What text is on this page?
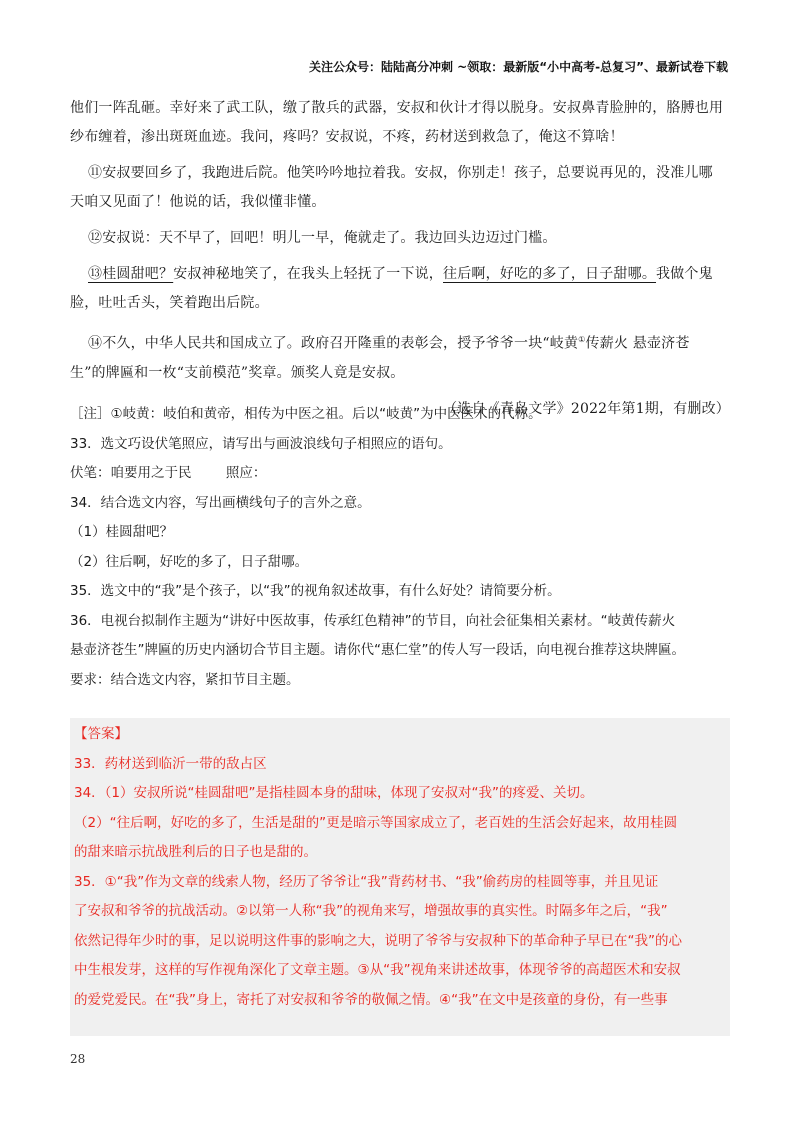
关注公众号：陆陆高分冲刺 ~领取：最新版“小中高考-总复习”、最新试卷下载

他们一阵乱砸。幸好来了武工队，缴了散兵的武器，安叔和伙计才得以脱身。安叔鼻青脸肿的，胳膊也用
纱布缠着，渗出斑斑血迹。我问，疼吗？安叔说，不疼，药材送到救急了，俺这不算啥！

⑪安叔要回乡了，我跑进后院。他笑吟吟地拉着我。安叔，你别走！孩子，总要说再见的，没准儿哪
天咱又见面了！他说的话，我似懂非懂。

⑫安叔说：天不早了，回吧！明儿一早，俺就走了。我边回头边迈过门槛。

⑬桂圆甜吧？安叔神秘地笑了，在我头上轻抚了一下说，往后啊，好吃的多了，日子甜哪。我做个鬼
脸，吐吐舌头，笑着跑出后院。

⑭不久，中华人民共和国成立了。政府召开隆重的表彰会，授予爷爷一块“岐黄①传薪火 悬壶济苍
生”的牌匾和一枚“支前模范”奖章。颁奖人竟是安叔。

（选自《青岛文学》2022年第1期，有删改）

［注］①岐黄：岐伯和黄帝，相传为中医之祖。后以“岐黄”为中医医术的代称。
33．选文巧设伏笔照应，请写出与画波浪线句子相照应的语句。
伏笔：咱要用之于民        照应：
34．结合选文内容，写出画横线句子的言外之意。
（1）桂圆甜吧？
（2）往后啊，好吃的多了，日子甜哪。
35．选文中的“我”是个孩子，以“我”的视角叙述故事，有什么好处？请简要分析。
36．电视台拟制作主题为“讲好中医故事，传承红色精神”的节目，向社会征集相关素材。“岐黄传薪火
悬壶济苍生”牌匾的历史内涵切合节目主题。请你代“惠仁堂”的传人写一段话，向电视台推荐这块牌匾。
要求：结合选文内容，紧扣节目主题。
【答案】
33．药材送到临沂一带的敌占区
34．（1）安叔所说“桂圆甜吧”是指桂圆本身的甜味，体现了安叔对“我”的疼爱、关切。
（2）“往后啊，好吃的多了，生活是甜的”更是暗示等国家成立了，老百姓的生活会好起来，故用桂圆
的甜来暗示抗战胜利后的日子也是甜的。
35．①“我”作为文章的线索人物，经历了爷爷让“我”背药材书、“我”偷药房的桂圆等事，并且见证
了安叔和爷爷的抗战活动。②以第一人称“我”的视角来写，增强故事的真实性。时隔多年之后，“我”
依然记得年少时的事，足以说明这件事的影响之大，说明了爷爷与安叔种下的革命种子早已在“我”的心
中生根发芽，这样的写作视角深化了文章主题。③从“我”视角来讲述故事，体现爷爷的高超医术和安叔
的爱党爱民。在“我”身上，寄托了对安叔和爷爷的敬佩之情。④“我”在文中是孩童的身份，有一些事
28
